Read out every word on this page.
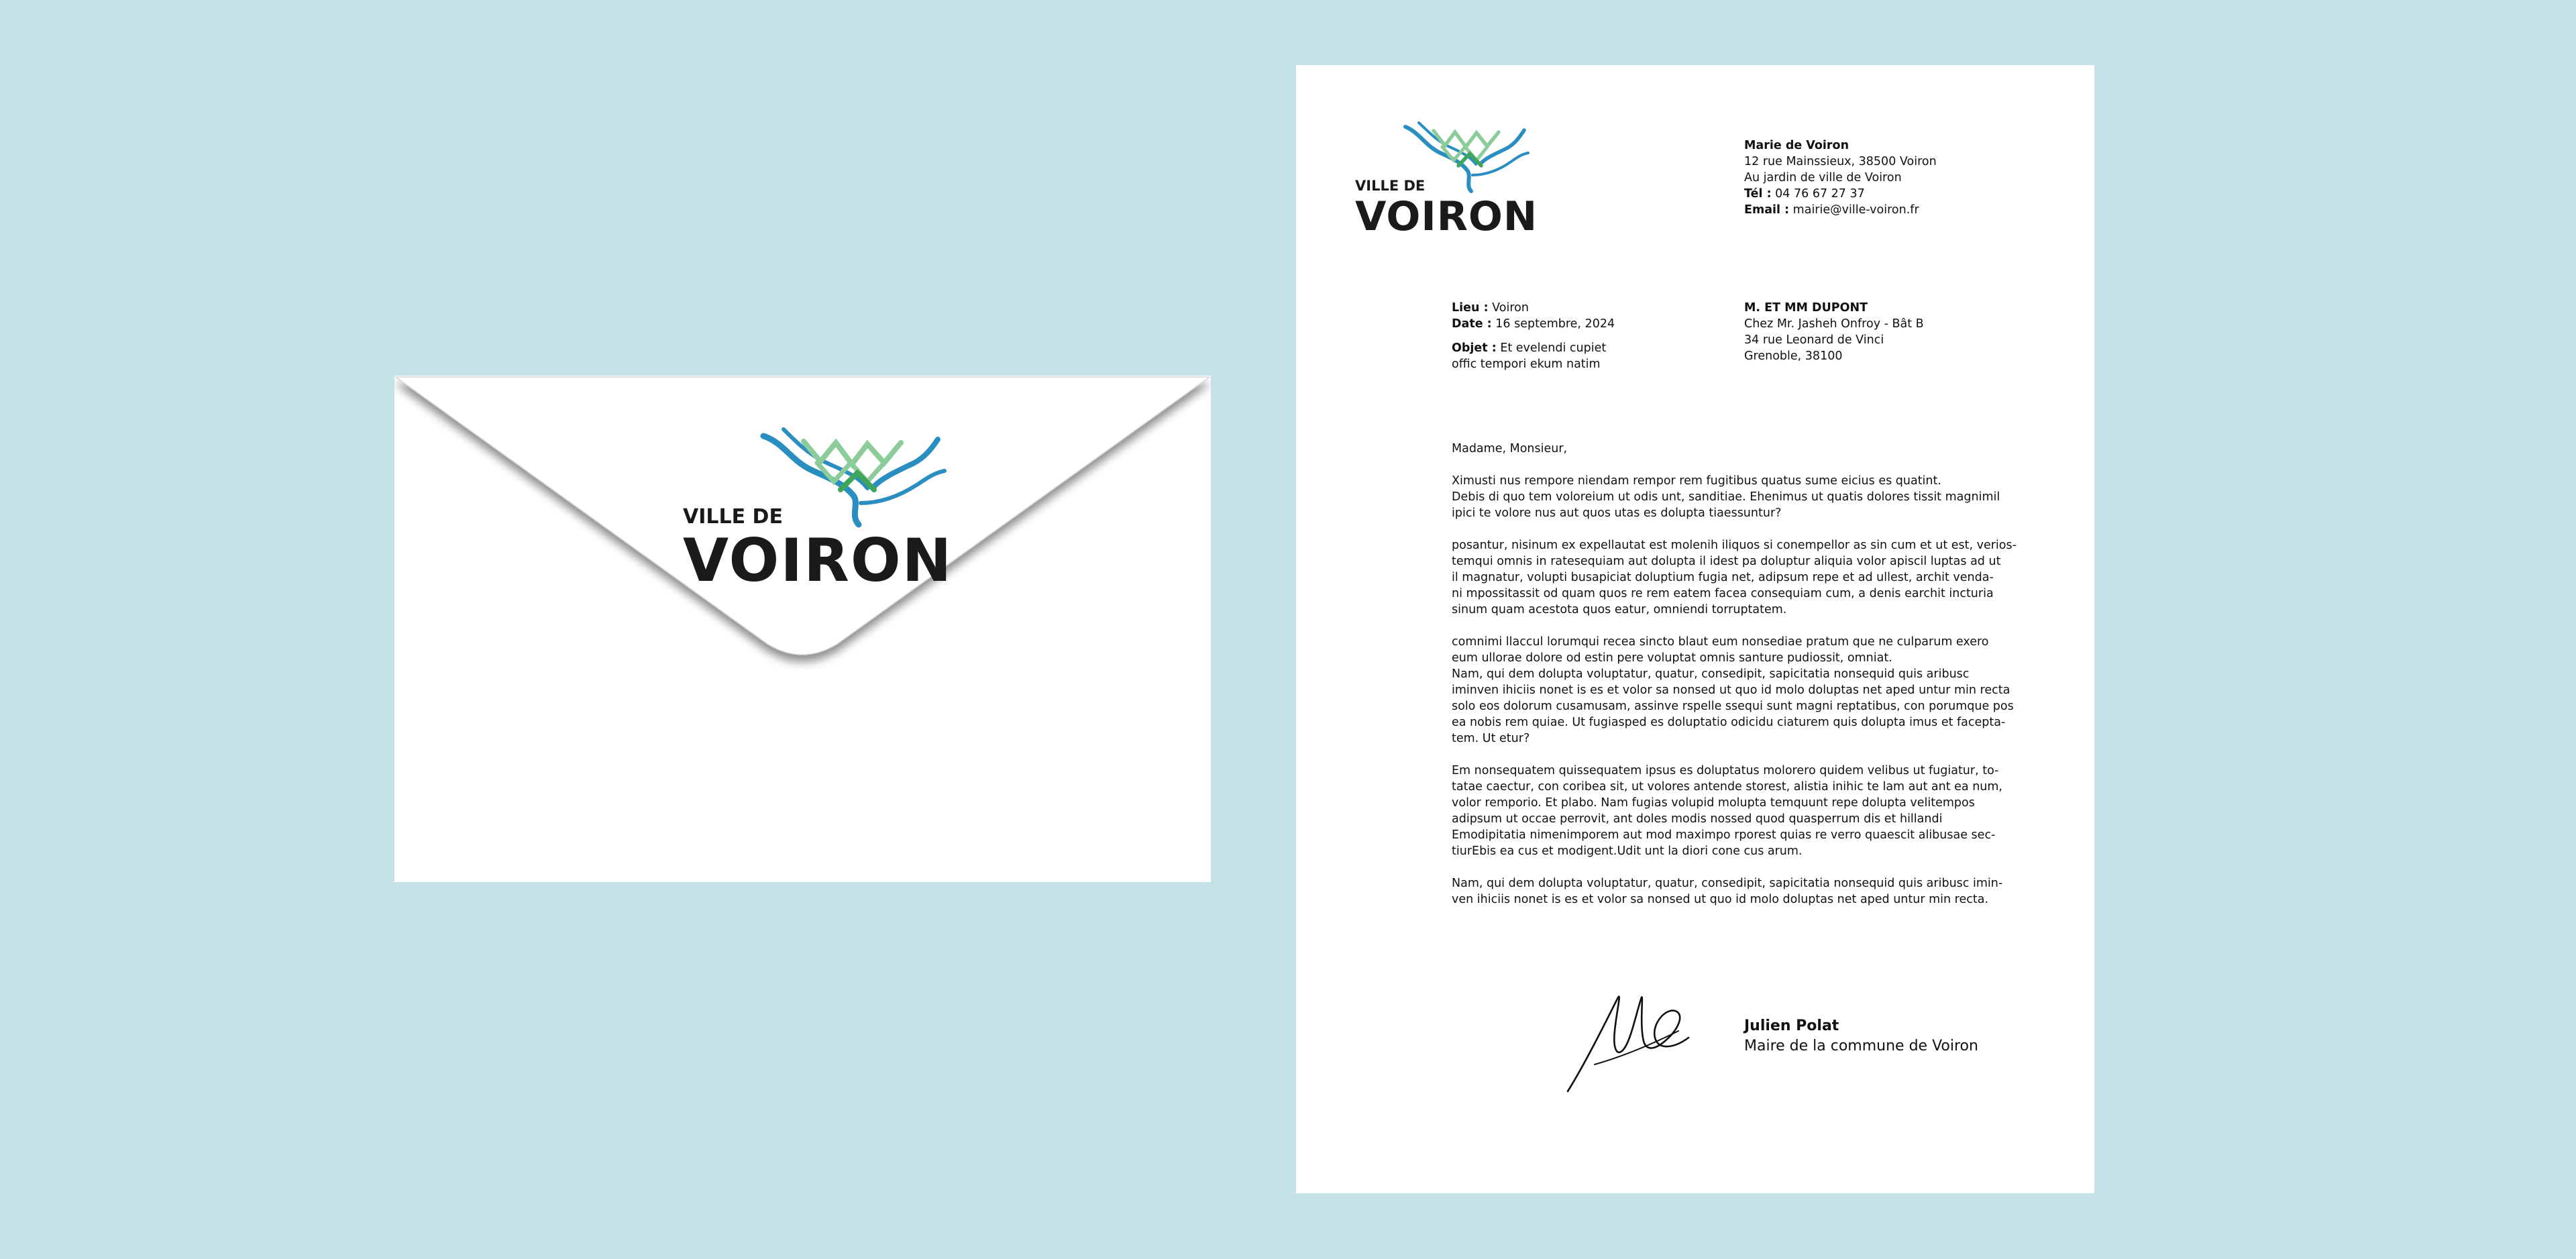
VILLE DE
VOIRON
VILLE DE
VOIRON
Marie de Voiron
12 rue Mainssieux, 38500 Voiron
Au jardin de ville de Voiron
Tél : 04 76 67 27 37
Email : mairie@ville-voiron.fr
Lieu : Voiron
Date : 16 septembre, 2024
Objet : Et evelendi cupiet
offic tempori ekum natim
M. ET MM DUPONT
Chez Mr. Jasheh Onfroy - Bât B
34 rue Leonard de Vinci
Grenoble, 38100

Madame, Monsieur,

Ximusti nus rempore niendam rempor rem fugitibus quatus sume eicius es quatint.
Debis di quo tem voloreium ut odis unt, sanditiae. Ehenimus ut quatis dolores tissit magnimil
ipici te volore nus aut quos utas es dolupta tiaessuntur?

posantur, nisinum ex expellautat est molenih iliquos si conempellor as sin cum et ut est, verios-
temqui omnis in ratesequiam aut dolupta il idest pa doluptur aliquia volor apiscil luptas ad ut
il magnatur, volupti busapiciat doluptium fugia net, adipsum repe et ad ullest, archit venda-
ni mpossitassit od quam quos re rem eatem facea consequiam cum, a denis earchit incturia
sinum quam acestota quos eatur, omniendi torruptatem.

comnimi llaccul lorumqui recea sincto blaut eum nonsediae pratum que ne culparum exero
eum ullorae dolore od estin pere voluptat omnis santure pudiossit, omniat.
Nam, qui dem dolupta voluptatur, quatur, consedipit, sapicitatia nonsequid quis aribusc
iminven ihiciis nonet is es et volor sa nonsed ut quo id molo doluptas net aped untur min recta
solo eos dolorum cusamusam, assinve rspelle ssequi sunt magni reptatibus, con porumque pos
ea nobis rem quiae. Ut fugiasped es doluptatio odicidu ciaturem quis dolupta imus et facepta-
tem. Ut etur?

Em nonsequatem quissequatem ipsus es doluptatus molorero quidem velibus ut fugiatur, to-
tatae caectur, con coribea sit, ut volores antende storest, alistia inihic te lam aut ant ea num,
volor remporio. Et plabo. Nam fugias volupid molupta temquunt repe dolupta velitempos
adipsum ut occae perrovit, ant doles modis nossed quod quasperrum dis et hillandi
Emodipitatia nimenimporem aut mod maximpo rporest quias re verro quaescit alibusae sec-
tiurEbis ea cus et modigent.Udit unt la diori cone cus arum.

Nam, qui dem dolupta voluptatur, quatur, consedipit, sapicitatia nonsequid quis aribusc imin-
ven ihiciis nonet is es et volor sa nonsed ut quo id molo doluptas net aped untur min recta.

Julien Polat
Maire de la commune de Voiron
